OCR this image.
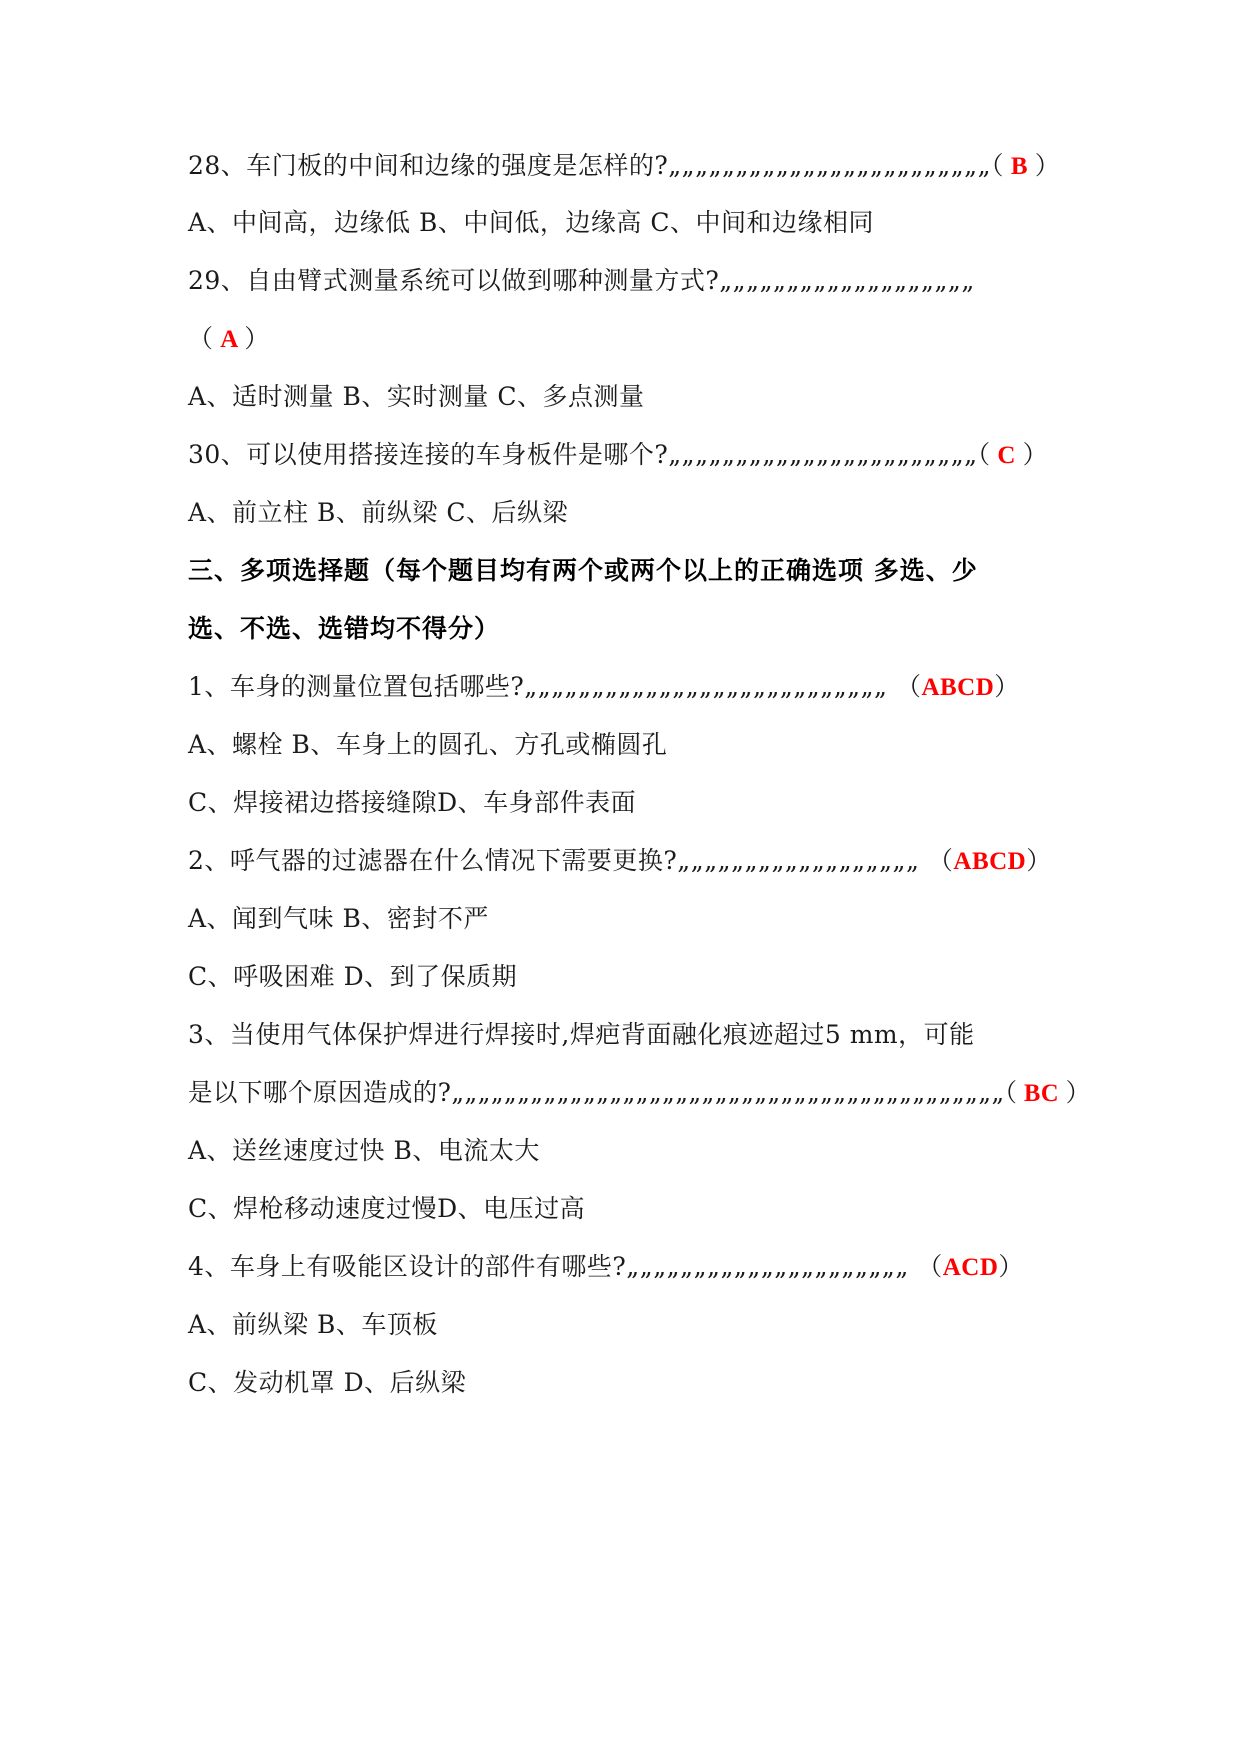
28、车门板的中间和边缘的强度是怎样的?„„„„„„„„„„„„„„„„„„„„„„„„（ B ）
A、中间高，边缘低 B、中间低，边缘高 C、中间和边缘相同
29、自由臂式测量系统可以做到哪种测量方式?„„„„„„„„„„„„„„„„„„„
（ A ）
A、适时测量 B、实时测量 C、多点测量
30、可以使用搭接连接的车身板件是哪个?„„„„„„„„„„„„„„„„„„„„„„„（ C ）
A、前立柱 B、前纵梁 C、后纵梁
三、多项选择题（每个题目均有两个或两个以上的正确选项 多选、少
选、不选、选错均不得分）
1、车身的测量位置包括哪些?„„„„„„„„„„„„„„„„„„„„„„„„„„„ （ABCD）
A、螺栓 B、车身上的圆孔、方孔或椭圆孔
C、焊接裙边搭接缝隙D、车身部件表面
2、呼气器的过滤器在什么情况下需要更换?„„„„„„„„„„„„„„„„„„ （ABCD）
A、闻到气味 B、密封不严
C、呼吸困难 D、到了保质期
3、当使用气体保护焊进行焊接时,焊疤背面融化痕迹超过5 mm，可能
是以下哪个原因造成的?„„„„„„„„„„„„„„„„„„„„„„„„„„„„„„„„„„„„„„„„„„（ BC ）
A、送丝速度过快 B、电流太大
C、焊枪移动速度过慢D、电压过高
4、车身上有吸能区设计的部件有哪些?„„„„„„„„„„„„„„„„„„„„„ （ACD）
A、前纵梁 B、车顶板
C、发动机罩 D、后纵梁
